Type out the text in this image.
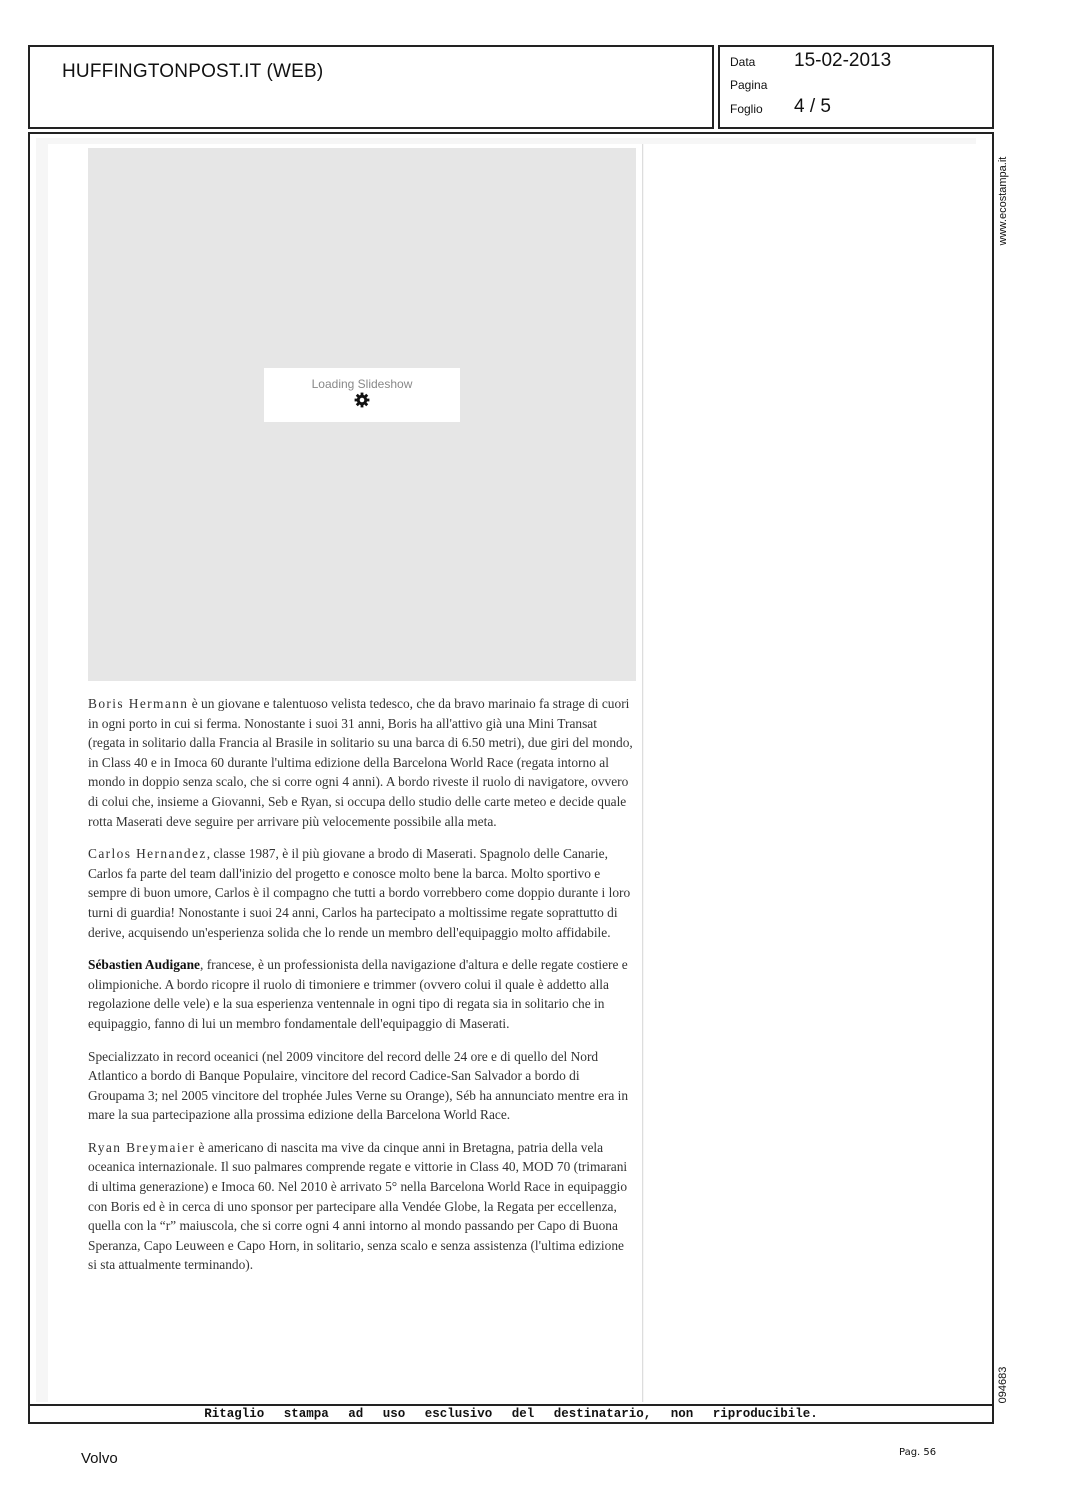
HUFFINGTONPOST.IT (WEB)	Data 15-02-2013
Pagina
Foglio 4 / 5
Loading Slideshow

Boris Hermann è un giovane e talentuoso velista tedesco, che da bravo marinaio fa strage di cuori in ogni porto in cui si ferma. Nonostante i suoi 31 anni, Boris ha all'attivo già una Mini Transat (regata in solitario dalla Francia al Brasile in solitario su una barca di 6.50 metri), due giri del mondo, in Class 40 e in Imoca 60 durante l'ultima edizione della Barcelona World Race (regata intorno al mondo in doppio senza scalo, che si corre ogni 4 anni). A bordo riveste il ruolo di navigatore, ovvero di colui che, insieme a Giovanni, Seb e Ryan, si occupa dello studio delle carte meteo e decide quale rotta Maserati deve seguire per arrivare più velocemente possibile alla meta.

Carlos Hernandez, classe 1987, è il più giovane a brodo di Maserati. Spagnolo delle Canarie, Carlos fa parte del team dall'inizio del progetto e conosce molto bene la barca. Molto sportivo e sempre di buon umore, Carlos è il compagno che tutti a bordo vorrebbero come doppio durante i loro turni di guardia! Nonostante i suoi 24 anni, Carlos ha partecipato a moltissime regate soprattutto di derive, acquisendo un'esperienza solida che lo rende un membro dell'equipaggio molto affidabile.

Sébastien Audigane, francese, è un professionista della navigazione d'altura e delle regate costiere e olimpioniche. A bordo ricopre il ruolo di timoniere e trimmer (ovvero colui il quale è addetto alla regolazione delle vele) e la sua esperienza ventennale in ogni tipo di regata sia in solitario che in equipaggio, fanno di lui un membro fondamentale dell'equipaggio di Maserati.

Specializzato in record oceanici (nel 2009 vincitore del record delle 24 ore e di quello del Nord Atlantico a bordo di Banque Populaire, vincitore del record Cadice-San Salvador a bordo di Groupama 3; nel 2005 vincitore del trophée Jules Verne su Orange), Séb ha annunciato mentre era in mare la sua partecipazione alla prossima edizione della Barcelona World Race.

Ryan Breymaier è americano di nascita ma vive da cinque anni in Bretagna, patria della vela oceanica internazionale. Il suo palmares comprende regate e vittorie in Class 40, MOD 70 (trimarani di ultima generazione) e Imoca 60. Nel 2010 è arrivato 5° nella Barcelona World Race in equipaggio con Boris ed è in cerca di uno sponsor per partecipare alla Vendée Globe, la Regata per eccellenza, quella con la “r” maiuscola, che si corre ogni 4 anni intorno al mondo passando per Capo di Buona Speranza, Capo Leuween e Capo Horn, in solitario, senza scalo e senza assistenza (l'ultima edizione si sta attualmente terminando).

Ritaglio stampa ad uso esclusivo del destinatario, non riproducibile.
www.ecostampa.it
094683
Volvo	Pag. 56
